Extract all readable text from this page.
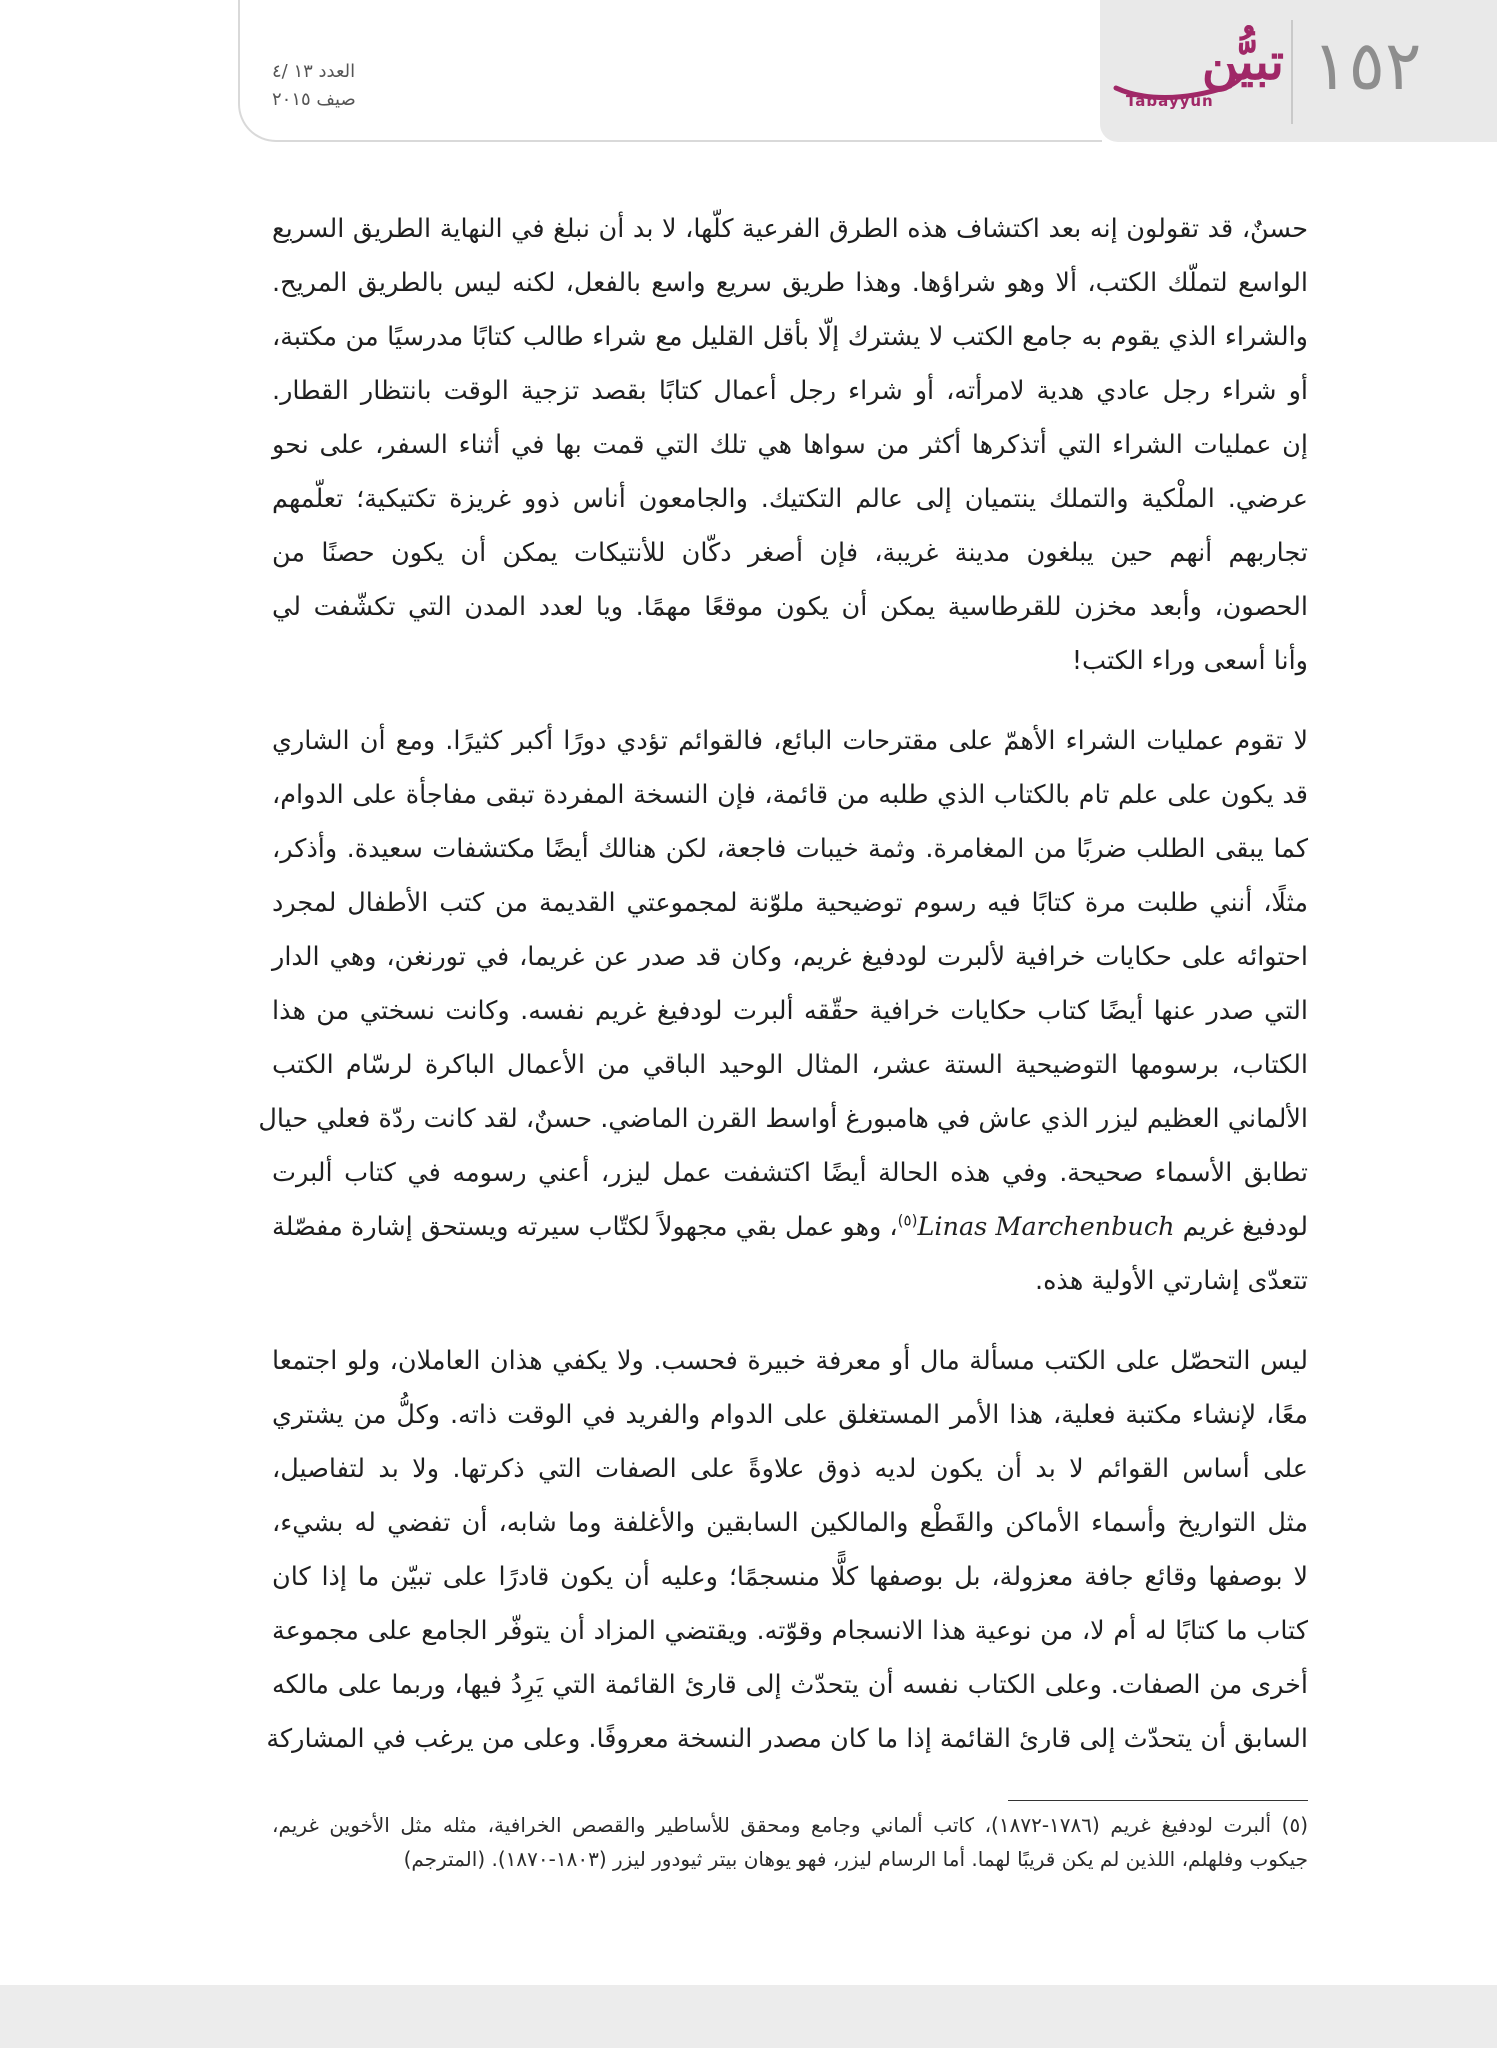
العدد ١٣ /٤
صيف ٢٠١٥
تبيُّن
Tabayyun	١٥٢

حسنٌ، قد تقولون إنه بعد اكتشاف هذه الطرق الفرعية كلّها، لا بد أن نبلغ في النهاية الطريق السريع
الواسع لتملّك الكتب، ألا وهو شراؤها. وهذا طريق سريع واسع بالفعل، لكنه ليس بالطريق المريح.
والشراء الذي يقوم به جامع الكتب لا يشترك إلّا بأقل القليل مع شراء طالب كتابًا مدرسيًا من مكتبة،
أو شراء رجل عادي هدية لامرأته، أو شراء رجل أعمال كتابًا بقصد تزجية الوقت بانتظار القطار.
إن عمليات الشراء التي أتذكرها أكثر من سواها هي تلك التي قمت بها في أثناء السفر، على نحو
عرضي. الملْكية والتملك ينتميان إلى عالم التكتيك. والجامعون أناس ذوو غريزة تكتيكية؛ تعلّمهم
تجاربهم أنهم حين يبلغون مدينة غريبة، فإن أصغر دكّان للأنتيكات يمكن أن يكون حصنًا من
الحصون، وأبعد مخزن للقرطاسية يمكن أن يكون موقعًا مهمًا. ويا لعدد المدن التي تكشّفت لي
وأنا أسعى وراء الكتب!

لا تقوم عمليات الشراء الأهمّ على مقترحات البائع، فالقوائم تؤدي دورًا أكبر كثيرًا. ومع أن الشاري
قد يكون على علم تام بالكتاب الذي طلبه من قائمة، فإن النسخة المفردة تبقى مفاجأة على الدوام،
كما يبقى الطلب ضربًا من المغامرة. وثمة خيبات فاجعة، لكن هنالك أيضًا مكتشفات سعيدة. وأذكر،
مثلًا، أنني طلبت مرة كتابًا فيه رسوم توضيحية ملوّنة لمجموعتي القديمة من كتب الأطفال لمجرد
احتوائه على حكايات خرافية لألبرت لودفيغ غريم، وكان قد صدر عن غريما، في تورنغن، وهي الدار
التي صدر عنها أيضًا كتاب حكايات خرافية حقّقه ألبرت لودفيغ غريم نفسه. وكانت نسختي من هذا
الكتاب، برسومها التوضيحية الستة عشر، المثال الوحيد الباقي من الأعمال الباكرة لرسّام الكتب
الألماني العظيم ليزر الذي عاش في هامبورغ أواسط القرن الماضي. حسنٌ، لقد كانت ردّة فعلي حيال
تطابق الأسماء صحيحة. وفي هذه الحالة أيضًا اكتشفت عمل ليزر، أعني رسومه في كتاب ألبرت
لودفيغ غريم Linas Marchenbuch$^{(٥)}$، وهو عمل بقي مجهولاً لكتّاب سيرته ويستحق إشارة مفصّلة
تتعدّى إشارتي الأولية هذه.

ليس التحصّل على الكتب مسألة مال أو معرفة خبيرة فحسب. ولا يكفي هذان العاملان، ولو اجتمعا
معًا، لإنشاء مكتبة فعلية، هذا الأمر المستغلق على الدوام والفريد في الوقت ذاته. وكلُّ من يشتري
على أساس القوائم لا بد أن يكون لديه ذوق علاوةً على الصفات التي ذكرتها. ولا بد لتفاصيل،
مثل التواريخ وأسماء الأماكن والقَطْع والمالكين السابقين والأغلفة وما شابه، أن تفضي له بشيء،
لا بوصفها وقائع جافة معزولة، بل بوصفها كلًّا منسجمًا؛ وعليه أن يكون قادرًا على تبيّن ما إذا كان
كتاب ما كتابًا له أم لا، من نوعية هذا الانسجام وقوّته. ويقتضي المزاد أن يتوفّر الجامع على مجموعة
أخرى من الصفات. وعلى الكتاب نفسه أن يتحدّث إلى قارئ القائمة التي يَرِدُ فيها، وربما على مالكه
السابق أن يتحدّث إلى قارئ القائمة إذا ما كان مصدر النسخة معروفًا. وعلى من يرغب في المشاركة

(٥) ألبرت لودفيغ غريم (١٧٨٦-١٨٧٢)، كاتب ألماني وجامع ومحقق للأساطير والقصص الخرافية، مثله مثل الأخوين غريم،
جيكوب وفلهلم، اللذين لم يكن قريبًا لهما. أما الرسام ليزر، فهو يوهان بيتر ثيودور ليزر (١٨٠٣-١٨٧٠). (المترجم)
